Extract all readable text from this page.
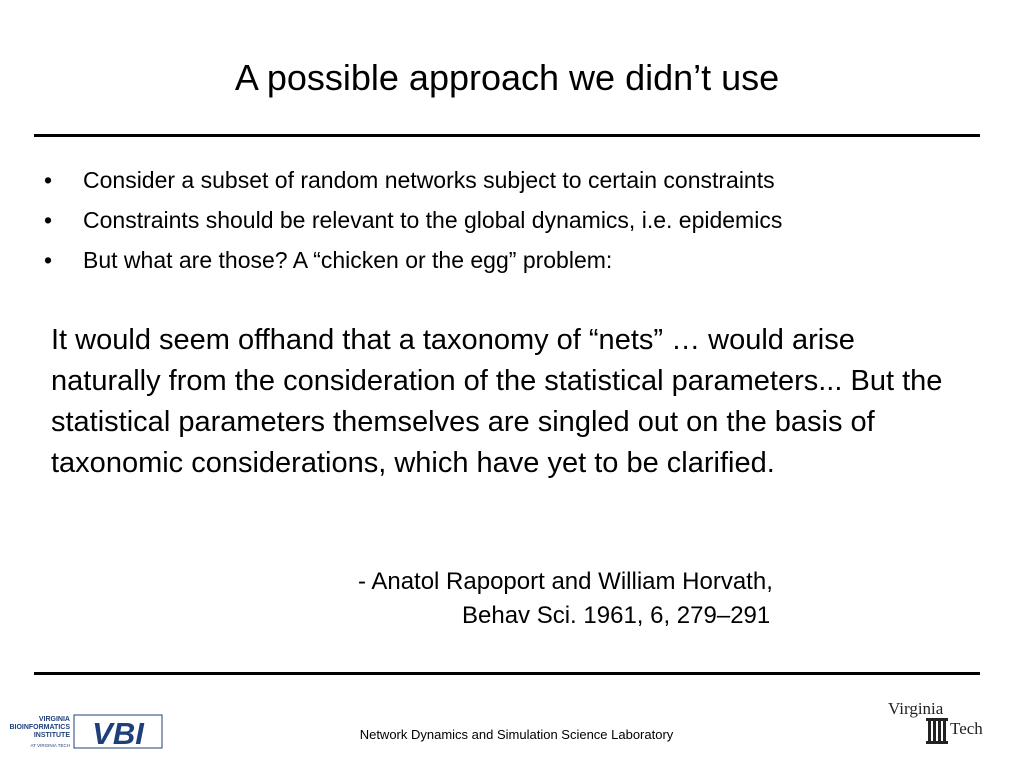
A possible approach we didn’t use
• Consider a subset of random networks subject to certain constraints
• Constraints should be relevant to the global dynamics, i.e. epidemics
• But what are those? A “chicken or the egg” problem:
It would seem offhand that a taxonomy of “nets” … would arise naturally from the consideration of the statistical parameters... But the statistical parameters themselves are singled out on the basis of taxonomic considerations, which have yet to be clarified.
- Anatol Rapoport and William Horvath,
Behav Sci. 1961, 6, 279–291
VIRGINIA
BIOINFORMATICS
INSTITUTE
AT VIRGINIA TECH VBI	Network Dynamics and Simulation Science Laboratory
Virginia
Tech
